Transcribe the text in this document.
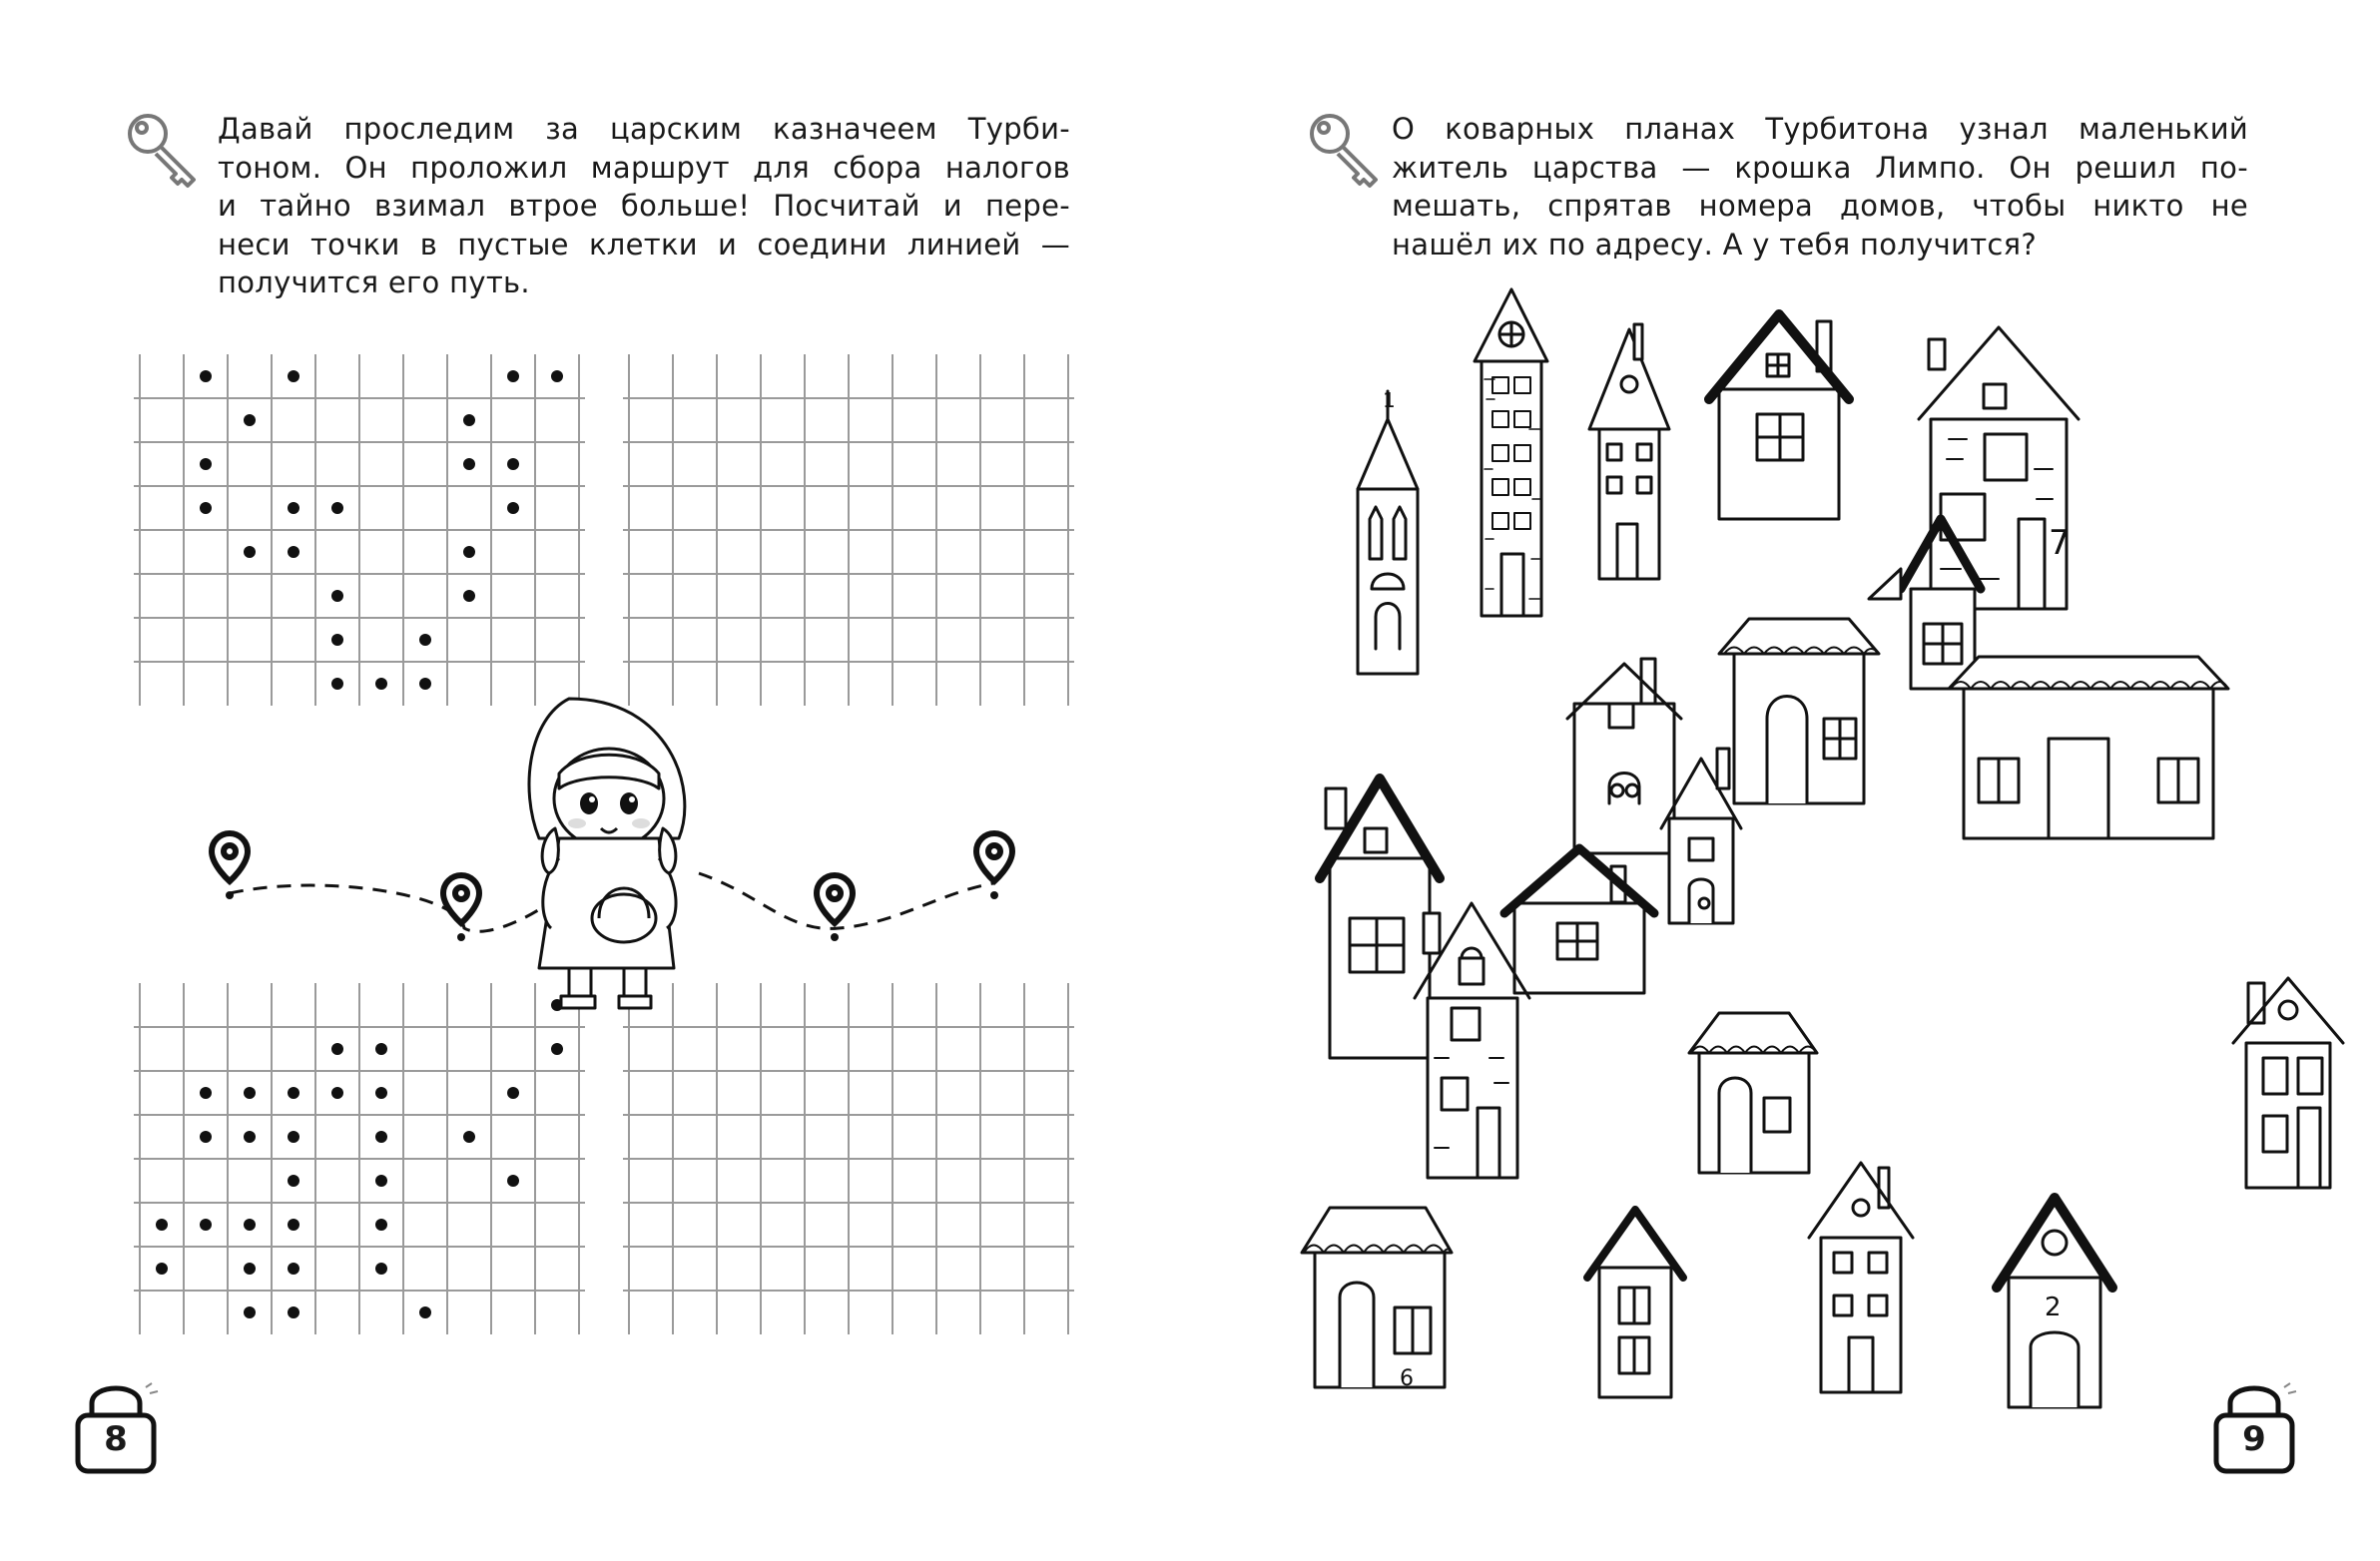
Давай проследим за царским казначеем Турби-
тоном. Он проложил маршрут для сбора налогов
и тайно взимал втрое больше! Посчитай и пере-
неси точки в пустые клетки и соедини линией —
получится его путь.
8
О коварных планах Турбитона узнал маленький
житель царства — крошка Лимпо. Он решил по-
мешать, спрятав номера домов, чтобы никто не
нашёл их по адресу. А у тебя получится?
1
7
6
2
9
